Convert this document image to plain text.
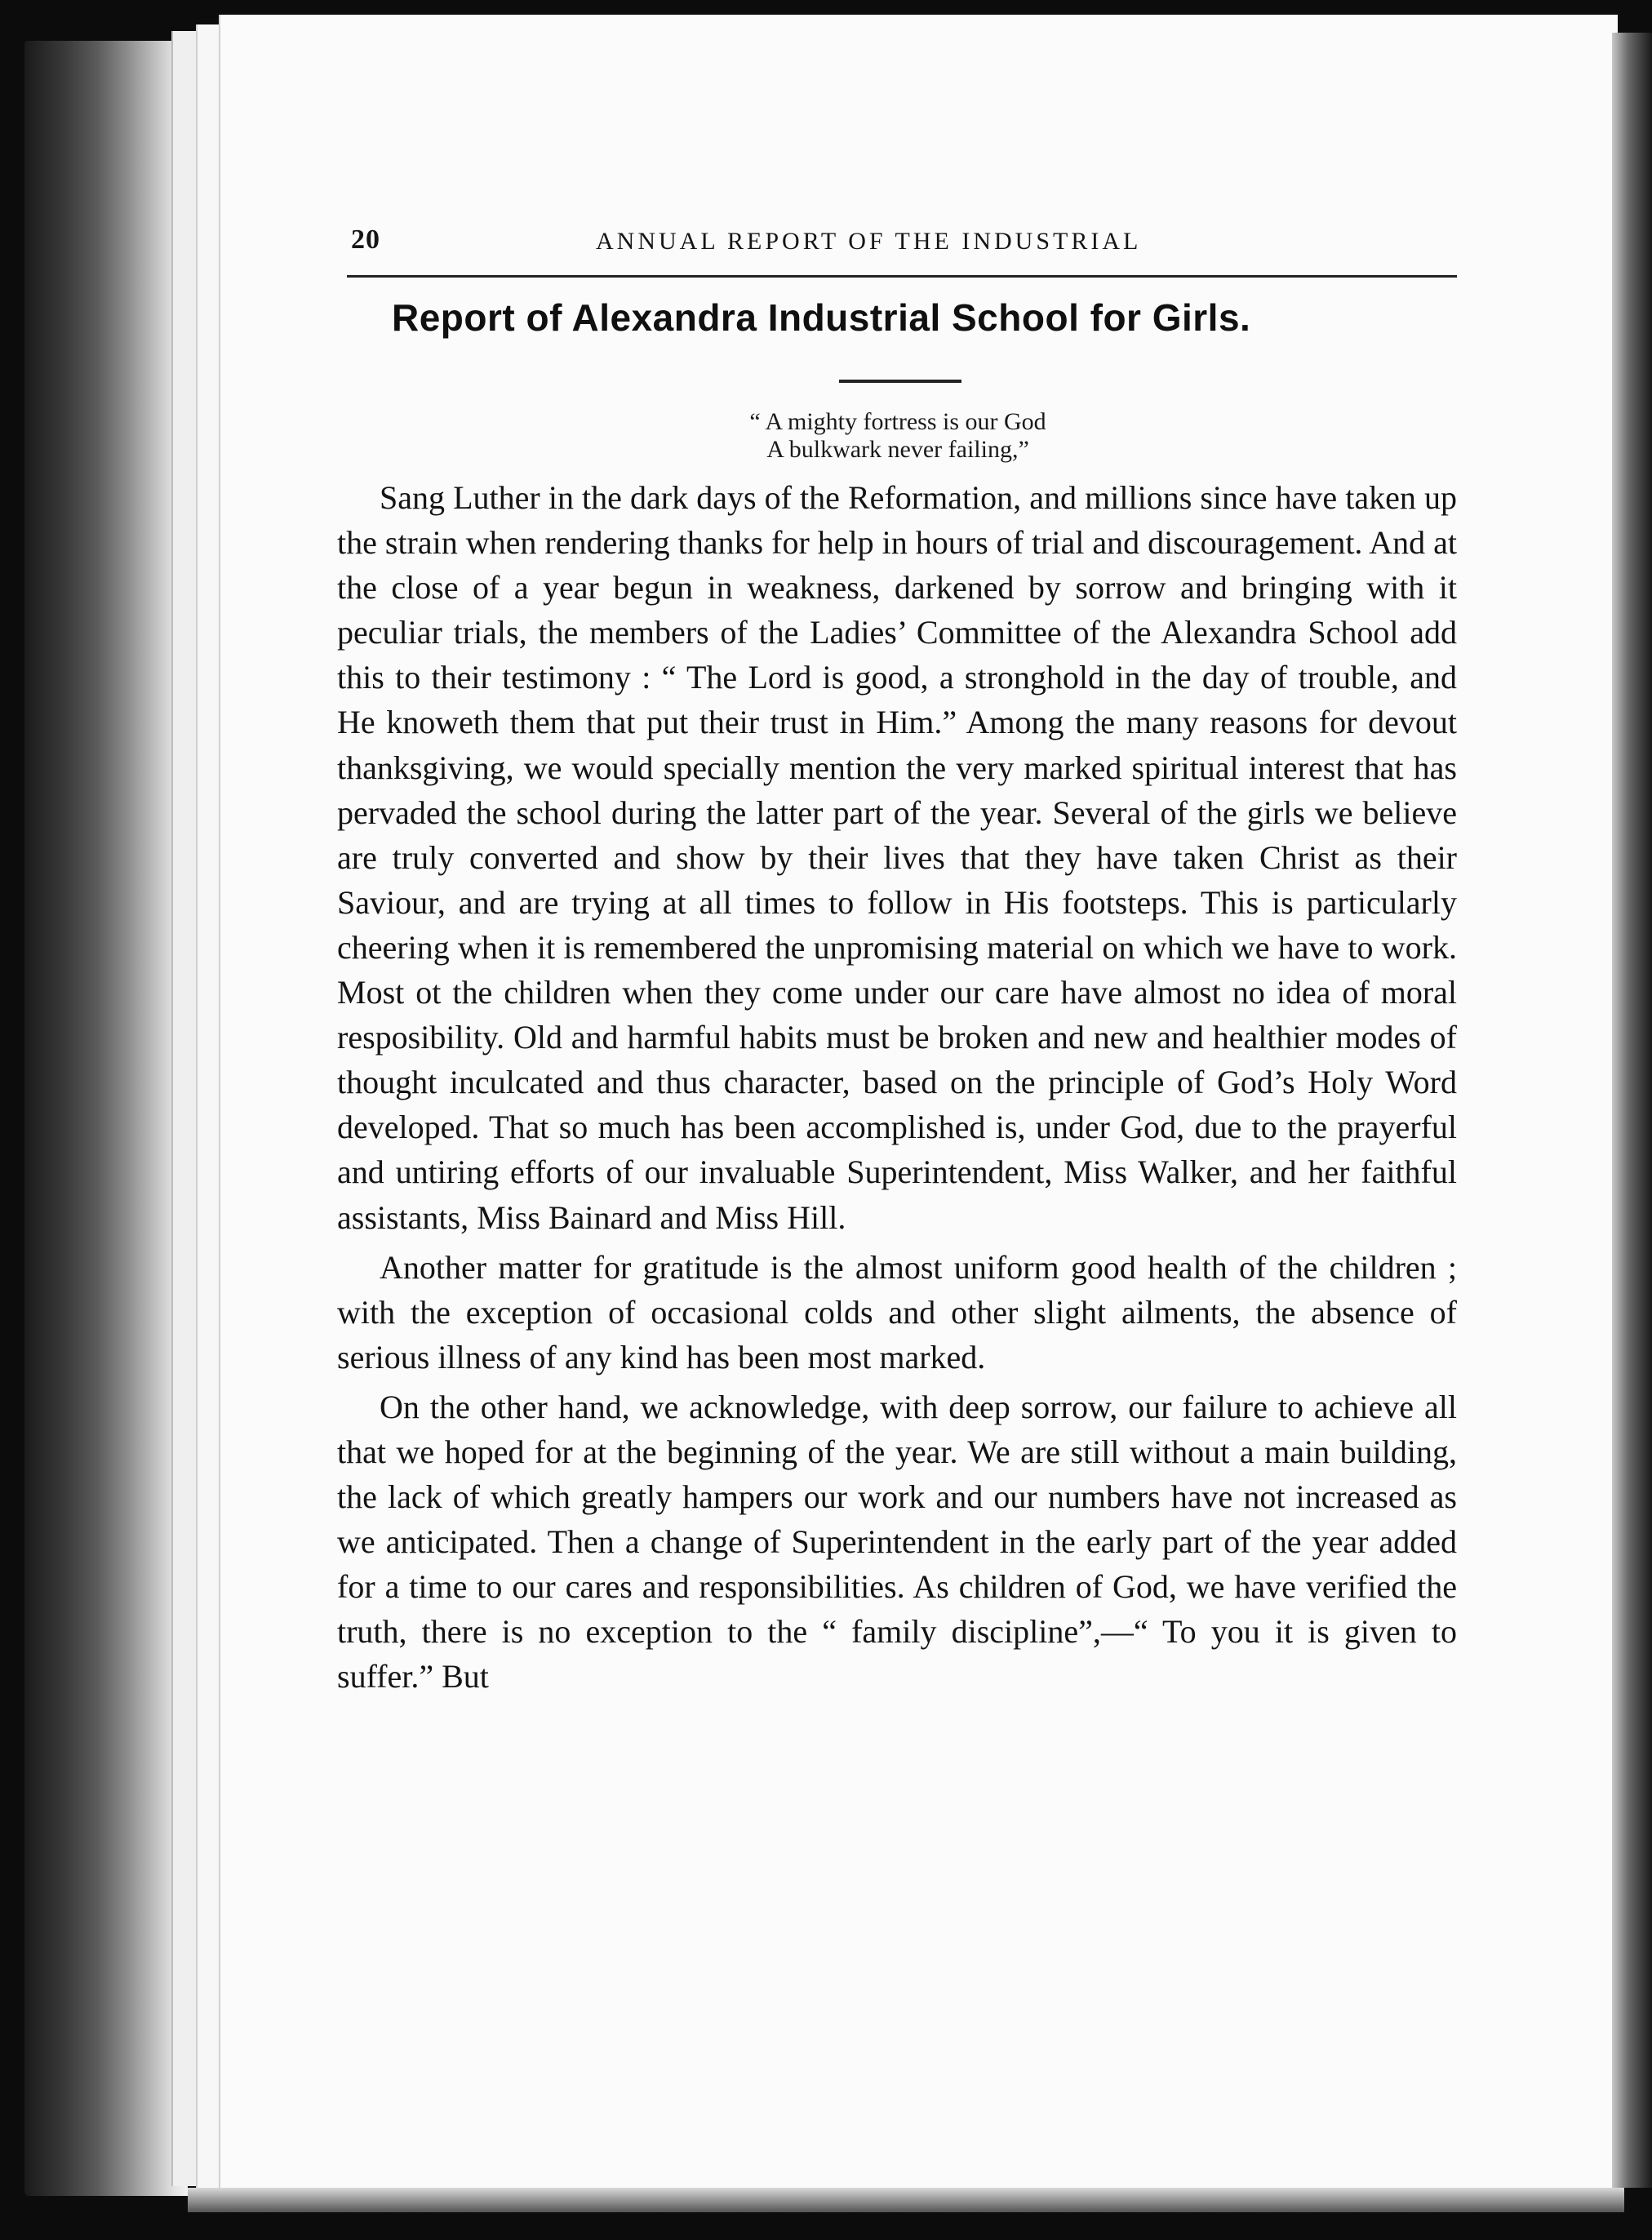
20	ANNUAL REPORT OF THE INDUSTRIAL
Report of Alexandra Industrial School for Girls.
“ A mighty fortress is our God
A bulkwark never failing,”

Sang Luther in the dark days of the Reformation, and millions since have taken up the strain when rendering thanks for help in hours of trial and discouragement. And at the close of a year begun in weakness, darkened by sorrow and bringing with it peculiar trials, the members of the Ladies’ Committee of the Alexandra School add this to their testimony : “ The Lord is good, a stronghold in the day of trouble, and He knoweth them that put their trust in Him.” Among the many reasons for devout thanksgiving, we would specially mention the very marked spiritual interest that has pervaded the school during the latter part of the year. Several of the girls we believe are truly converted and show by their lives that they have taken Christ as their Saviour, and are trying at all times to follow in His footsteps. This is particularly cheering when it is remembered the unpromising material on which we have to work. Most ot the children when they come under our care have almost no idea of moral resposibility. Old and harmful habits must be broken and new and healthier modes of thought inculcated and thus character, based on the principle of God’s Holy Word developed. That so much has been accomplished is, under God, due to the prayerful and untiring efforts of our invaluable Superintendent, Miss Walker, and her faithful assistants, Miss Bainard and Miss Hill.

Another matter for gratitude is the almost uniform good health of the children ; with the exception of occasional colds and other slight ailments, the absence of serious illness of any kind has been most marked.

On the other hand, we acknowledge, with deep sorrow, our failure to achieve all that we hoped for at the beginning of the year. We are still without a main building, the lack of which greatly hampers our work and our numbers have not increased as we anticipated. Then a change of Superintendent in the early part of the year added for a time to our cares and responsibilities. As children of God, we have verified the truth, there is no exception to the “ family discipline”,—“ To you it is given to suffer.” But
